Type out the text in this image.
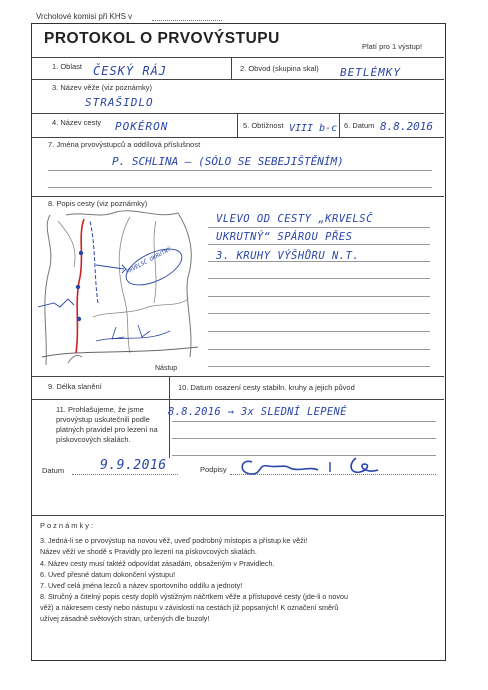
Vrcholové komisi při KHS v
PROTOKOL O PRVOVÝSTUPU	Platí pro 1 výstup!
1. Oblast ČESKÝ RÁJ	2. Obvod (skupina skal) BETLÉMKY
3. Název věže (viz poznámky)
STRAŠIDLO
4. Název cesty POKÉRON	5. Obtížnost VIII b-c 6. Datum 8.8.2016
7. Jména prvovýstupců a oddílová příslušnost
P. SCHLINA – (SÓLO SE SEBEJIŠTĚNÍM)
8. Popis cesty (viz poznámky)
KRVELSČ UKRUTNÝ
Nástup
VLEVO OD CESTY „KRVELSČ
UKRUTNÝ“ SPÁROU PŘES
3. KRUHY VÝŠHŮRU N.T.
9. Délka slanění	10. Datum osazení cesty stabiln. kruhy a jejich původ
8.8.2016 → 3x SLEDNÍ LEPENÉ
11. Prohlašujeme, že jsme prvovýstup uskutečnili podle platných pravidel pro lezení na pískovcových skalách.
Datum	9.9.2016	Podpisy
Poznámky:
3. Jedná-li se o prvovýstup na novou věž, uveď podrobný místopis a přístup ke věži!
Název věží ve shodě s Pravidly pro lezení na pískovcových skalách.
4. Název cesty musí taktéž odpovídat zásadám, obsaženým v Pravidlech.
6. Uveď přesné datum dokončení výstupu!
7. Uveď celá jména lezců a název sportovního oddílu a jednoty!
8. Stručný a čitelný popis cesty doplň výstižným náčrtkem věže a přístupové cesty (jde-li o novou
věž) a nákresem cesty nebo nástupu v závislosti na cestách již popsaných! K označení směrů
užívej zásadně světových stran, určených dle buzoly!
